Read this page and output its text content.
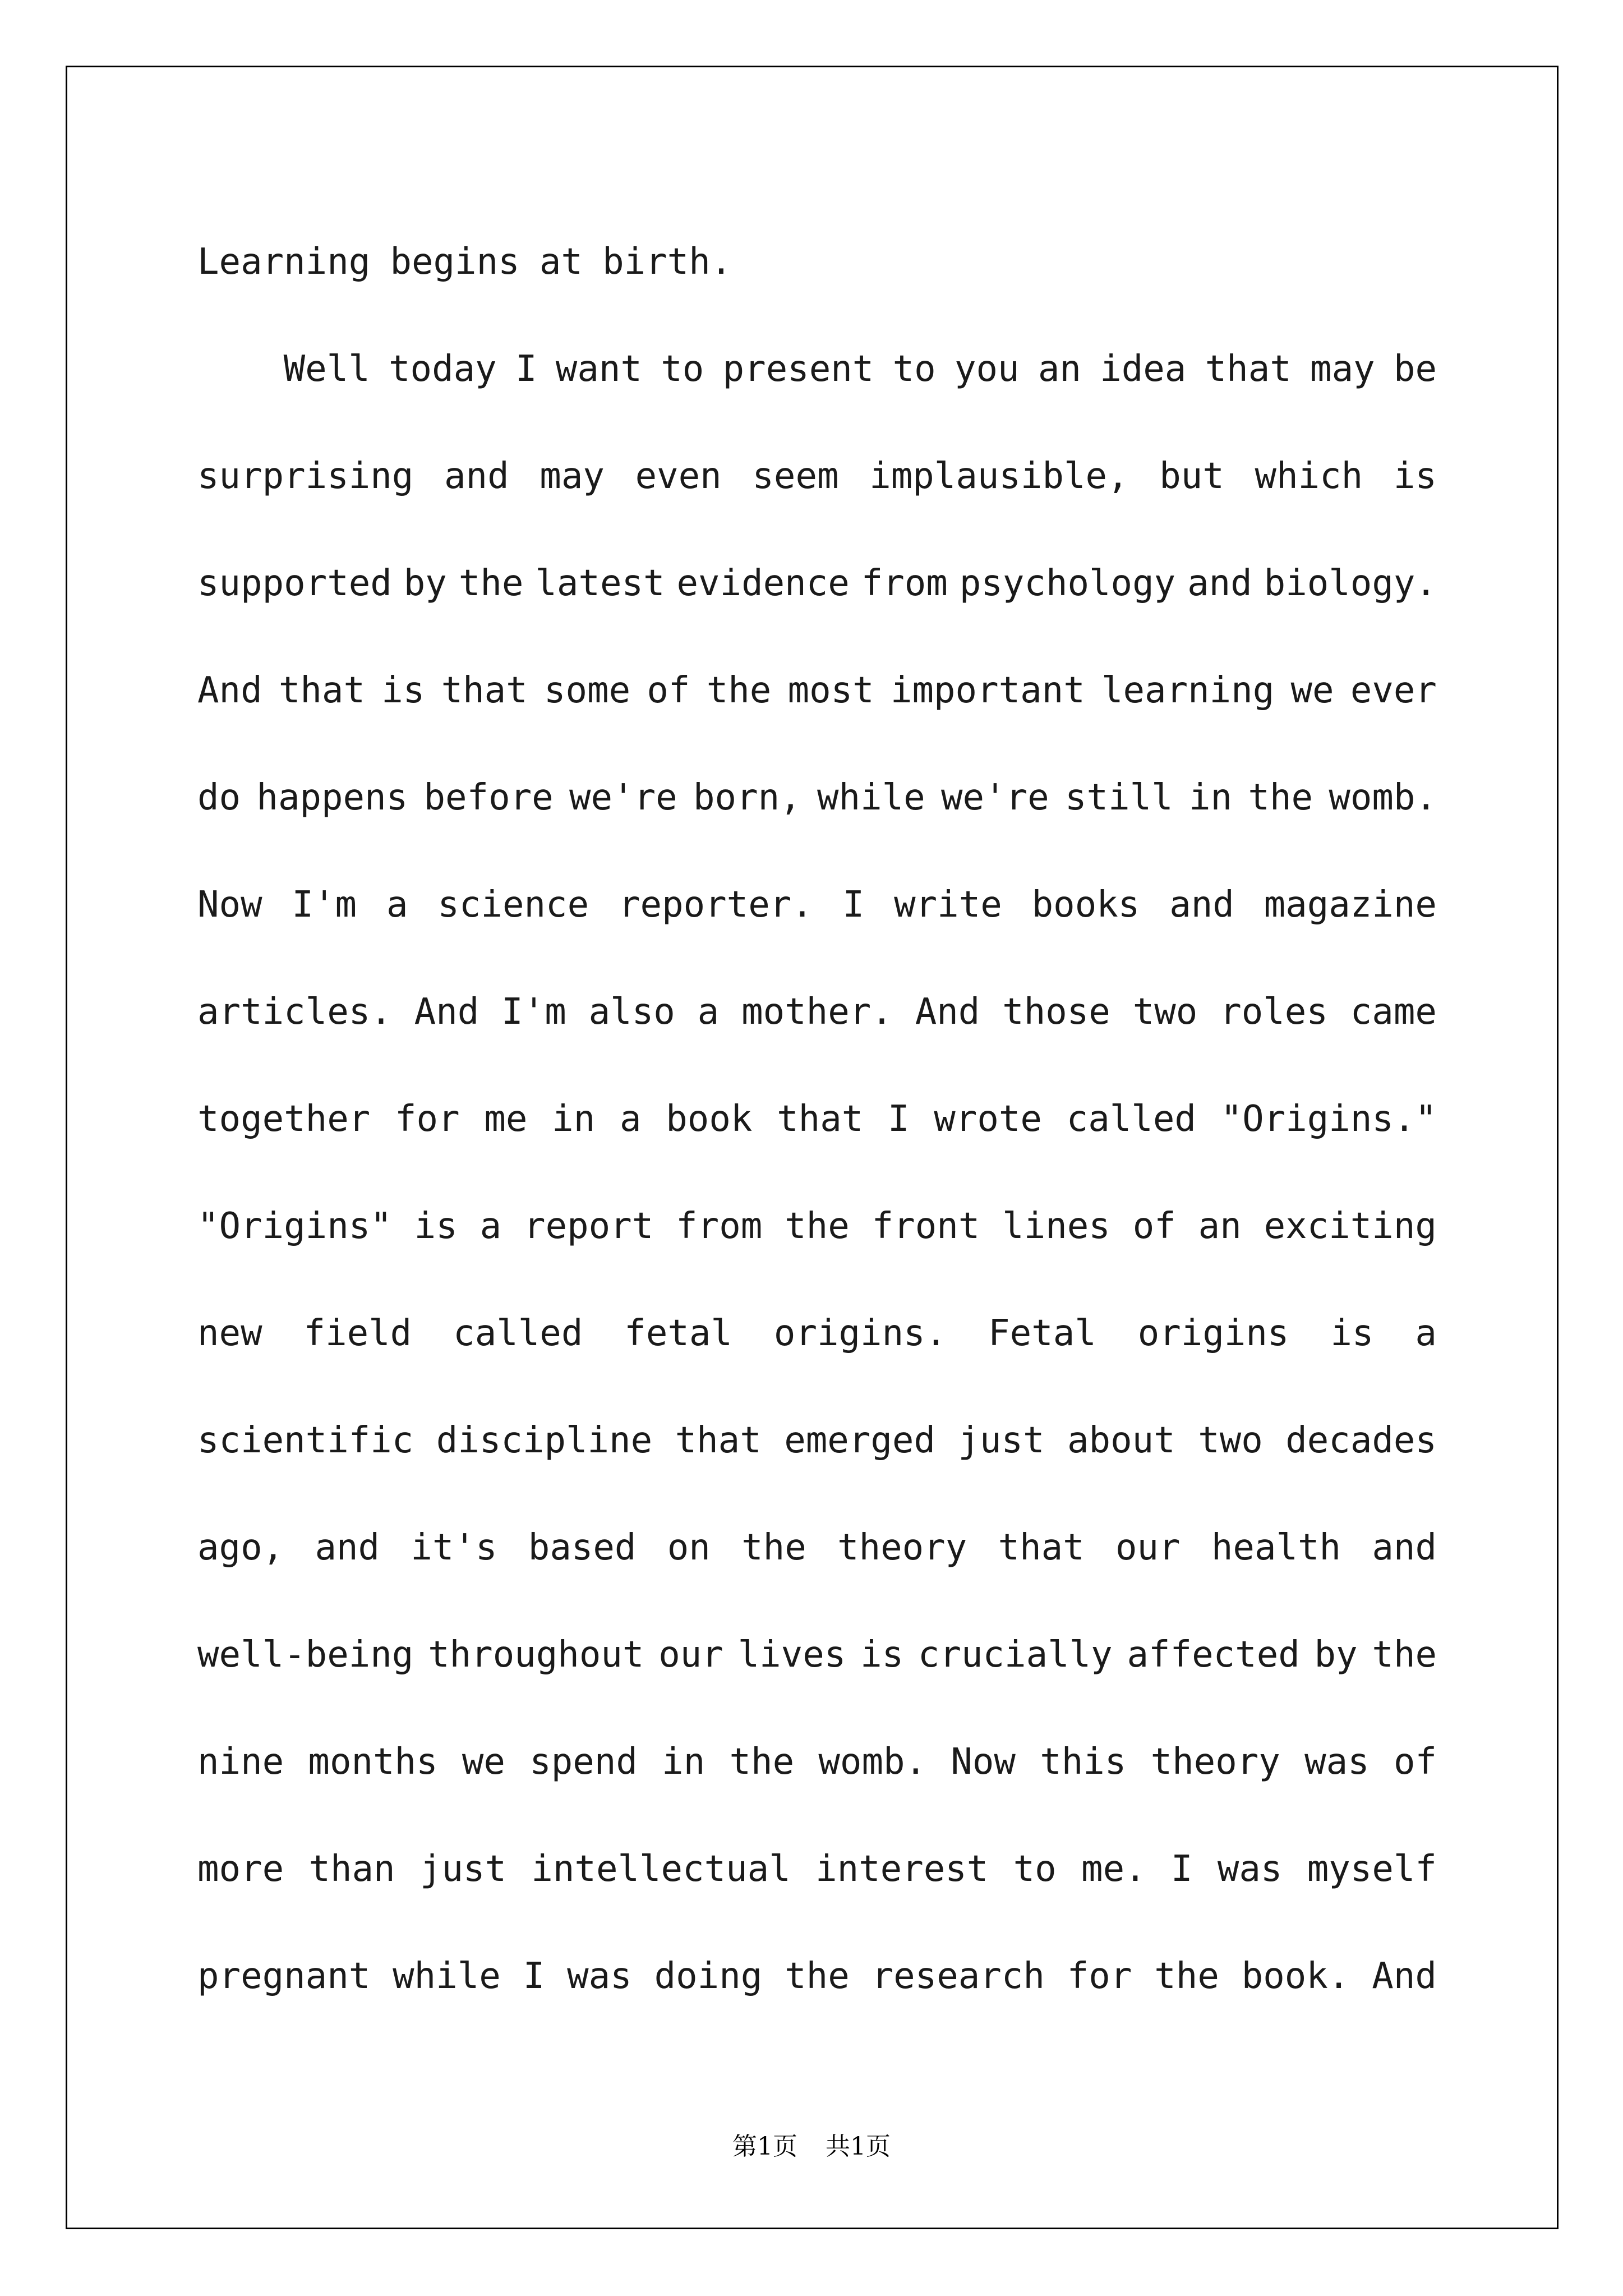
Learning begins at birth.
Well today I want to present to you an idea that may be
surprising and may even seem implausible, but which is
supported by the latest evidence from psychology and biology.
And that is that some of the most important learning we ever
do happens before we're born, while we're still in the womb.
Now I'm a science reporter. I write books and magazine
articles. And I'm also a mother. And those two roles came
together for me in a book that I wrote called "Origins."
"Origins" is a report from the front lines of an exciting
new field called fetal origins. Fetal origins is a
scientific discipline that emerged just about two decades
ago, and it's based on the theory that our health and
well-being throughout our lives is crucially affected by the
nine months we spend in the womb. Now this theory was of
more than just intellectual interest to me. I was myself
pregnant while I was doing the research for the book. And
第1页 共1页
